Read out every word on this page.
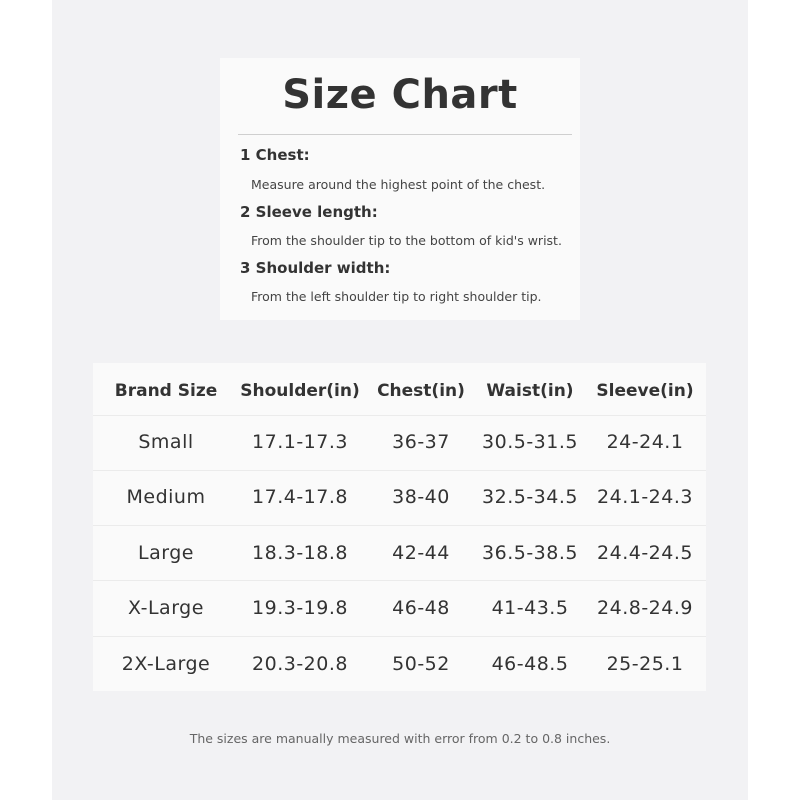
Size Chart
1 Chest:
Measure around the highest point of the chest.
2 Sleeve length:
From the shoulder tip to the bottom of kid's wrist.
3 Shoulder width:
From the left shoulder tip to right shoulder tip.
Brand Size	Shoulder(in)	Chest(in)	Waist(in)	Sleeve(in)
Small	17.1-17.3	36-37	30.5-31.5	24-24.1
Medium	17.4-17.8	38-40	32.5-34.5	24.1-24.3
Large	18.3-18.8	42-44	36.5-38.5	24.4-24.5
X-Large	19.3-19.8	46-48	41-43.5	24.8-24.9
2X-Large	20.3-20.8	50-52	46-48.5	25-25.1
The sizes are manually measured with error from 0.2 to 0.8 inches.
